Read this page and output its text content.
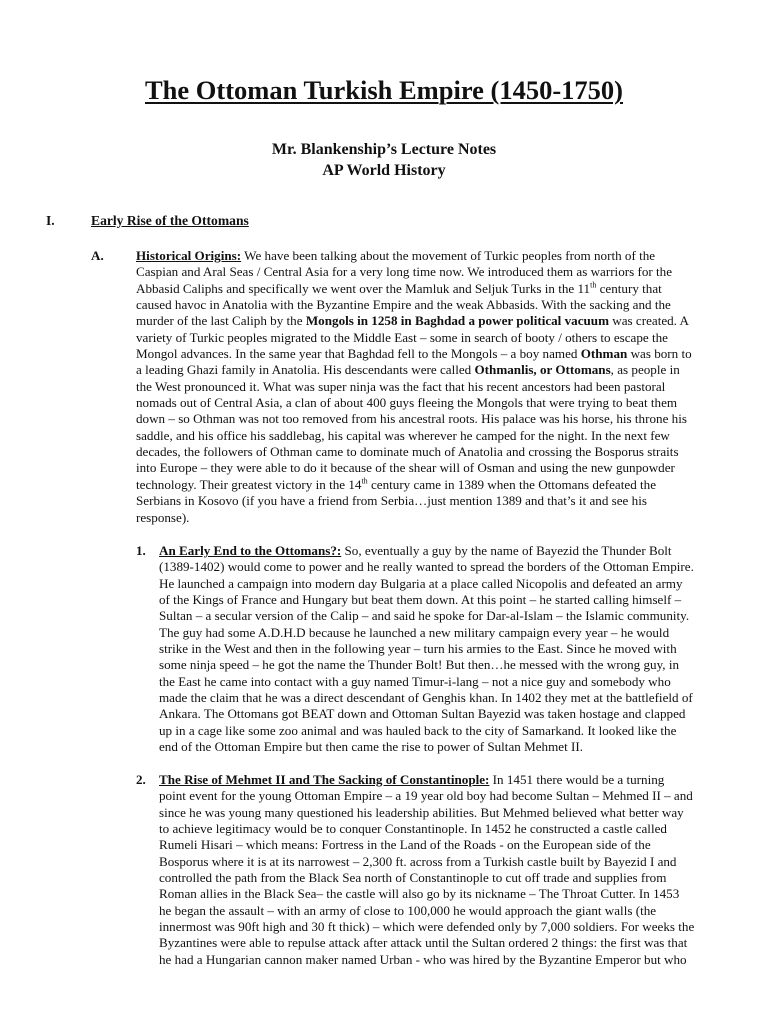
The Ottoman Turkish Empire (1450-1750)
Mr. Blankenship’s Lecture Notes
AP World History
I.	Early Rise of the Ottomans
A. Historical Origins: We have been talking about the movement of Turkic peoples from north of the
Caspian and Aral Seas / Central Asia for a very long time now. We introduced them as warriors for the
Abbasid Caliphs and specifically we went over the Mamluk and Seljuk Turks in the 11th century that
caused havoc in Anatolia with the Byzantine Empire and the weak Abbasids. With the sacking and the
murder of the last Caliph by the Mongols in 1258 in Baghdad a power political vacuum was created. A
variety of Turkic peoples migrated to the Middle East – some in search of booty / others to escape the
Mongol advances. In the same year that Baghdad fell to the Mongols – a boy named Othman was born to
a leading Ghazi family in Anatolia. His descendants were called Othmanlis, or Ottomans, as people in
the West pronounced it. What was super ninja was the fact that his recent ancestors had been pastoral
nomads out of Central Asia, a clan of about 400 guys fleeing the Mongols that were trying to beat them
down – so Othman was not too removed from his ancestral roots. His palace was his horse, his throne his
saddle, and his office his saddlebag, his capital was wherever he camped for the night. In the next few
decades, the followers of Othman came to dominate much of Anatolia and crossing the Bosporus straits
into Europe – they were able to do it because of the shear will of Osman and using the new gunpowder
technology. Their greatest victory in the 14th century came in 1389 when the Ottomans defeated the
Serbians in Kosovo (if you have a friend from Serbia…just mention 1389 and that’s it and see his
response).
1. An Early End to the Ottomans?: So, eventually a guy by the name of Bayezid the Thunder Bolt
(1389-1402) would come to power and he really wanted to spread the borders of the Ottoman Empire.
He launched a campaign into modern day Bulgaria at a place called Nicopolis and defeated an army
of the Kings of France and Hungary but beat them down. At this point – he started calling himself –
Sultan – a secular version of the Calip – and said he spoke for Dar-al-Islam – the Islamic community.
The guy had some A.D.H.D because he launched a new military campaign every year – he would
strike in the West and then in the following year – turn his armies to the East. Since he moved with
some ninja speed – he got the name the Thunder Bolt! But then…he messed with the wrong guy, in
the East he came into contact with a guy named Timur-i-lang – not a nice guy and somebody who
made the claim that he was a direct descendant of Genghis khan. In 1402 they met at the battlefield of
Ankara. The Ottomans got BEAT down and Ottoman Sultan Bayezid was taken hostage and clapped
up in a cage like some zoo animal and was hauled back to the city of Samarkand. It looked like the
end of the Ottoman Empire but then came the rise to power of Sultan Mehmet II.
2. The Rise of Mehmet II and The Sacking of Constantinople: In 1451 there would be a turning
point event for the young Ottoman Empire – a 19 year old boy had become Sultan – Mehmed II – and
since he was young many questioned his leadership abilities. But Mehmed believed what better way
to achieve legitimacy would be to conquer Constantinople. In 1452 he constructed a castle called
Rumeli Hisari – which means: Fortress in the Land of the Roads - on the European side of the
Bosporus where it is at its narrowest – 2,300 ft. across from a Turkish castle built by Bayezid I and
controlled the path from the Black Sea north of Constantinople to cut off trade and supplies from
Roman allies in the Black Sea– the castle will also go by its nickname – The Throat Cutter. In 1453
he began the assault – with an army of close to 100,000 he would approach the giant walls (the
innermost was 90ft high and 30 ft thick) – which were defended only by 7,000 soldiers. For weeks the
Byzantines were able to repulse attack after attack until the Sultan ordered 2 things: the first was that
he had a Hungarian cannon maker named Urban - who was hired by the Byzantine Emperor but who
